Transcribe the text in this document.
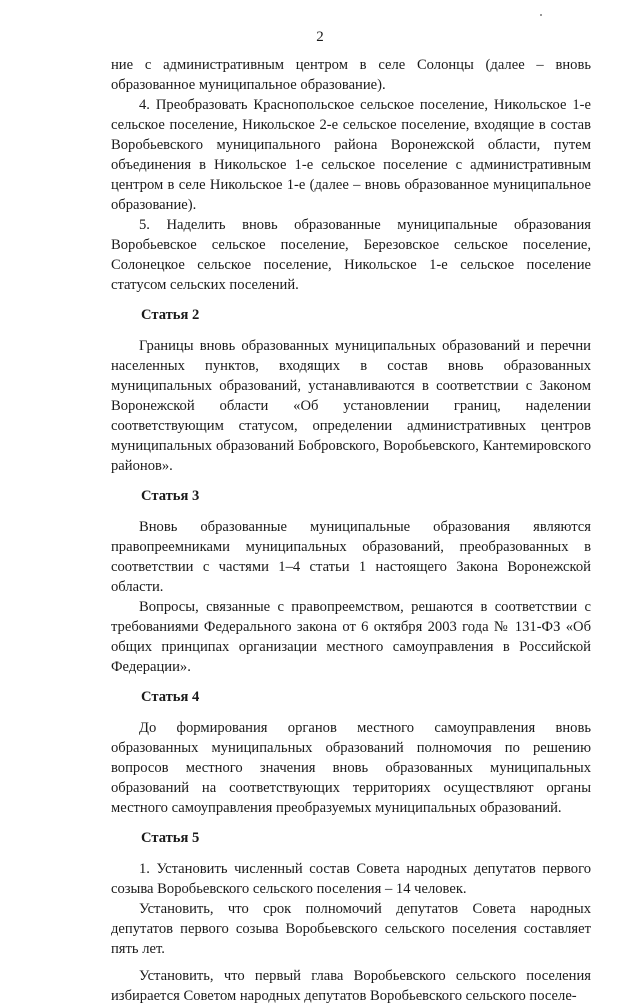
2

ние с административным центром в селе Солонцы (далее – вновь образованное муниципальное образование).

4. Преобразовать Краснопольское сельское поселение, Никольское 1-е сельское поселение, Никольское 2-е сельское поселение, входящие в состав Воробьевского муниципального района Воронежской области, путем объединения в Никольское 1-е сельское поселение с административным центром в селе Никольское 1-е (далее – вновь образованное муниципальное образование).

5. Наделить вновь образованные муниципальные образования Воробьевское сельское поселение, Березовское сельское поселение, Солонецкое сельское поселение, Никольское 1-е сельское поселение статусом сельских поселений.

Статья 2

Границы вновь образованных муниципальных образований и перечни населенных пунктов, входящих в состав вновь образованных муниципальных образований, устанавливаются в соответствии с Законом Воронежской области «Об установлении границ, наделении соответствующим статусом, определении административных центров муниципальных образований Бобровского, Воробьевского, Кантемировского районов».

Статья 3

Вновь образованные муниципальные образования являются правопреемниками муниципальных образований, преобразованных в соответствии с частями 1–4 статьи 1 настоящего Закона Воронежской области.

Вопросы, связанные с правопреемством, решаются в соответствии с требованиями Федерального закона от 6 октября 2003 года № 131-ФЗ «Об общих принципах организации местного самоуправления в Российской Федерации».

Статья 4

До формирования органов местного самоуправления вновь образованных муниципальных образований полномочия по решению вопросов местного значения вновь образованных муниципальных образований на соответствующих территориях осуществляют органы местного самоуправления преобразуемых муниципальных образований.

Статья 5

1. Установить численный состав Совета народных депутатов первого созыва Воробьевского сельского поселения – 14 человек.

Установить, что срок полномочий депутатов Совета народных депутатов первого созыва Воробьевского сельского поселения составляет пять лет.

Установить, что первый глава Воробьевского сельского поселения избирается Советом народных депутатов Воробьевского сельского поселе-
